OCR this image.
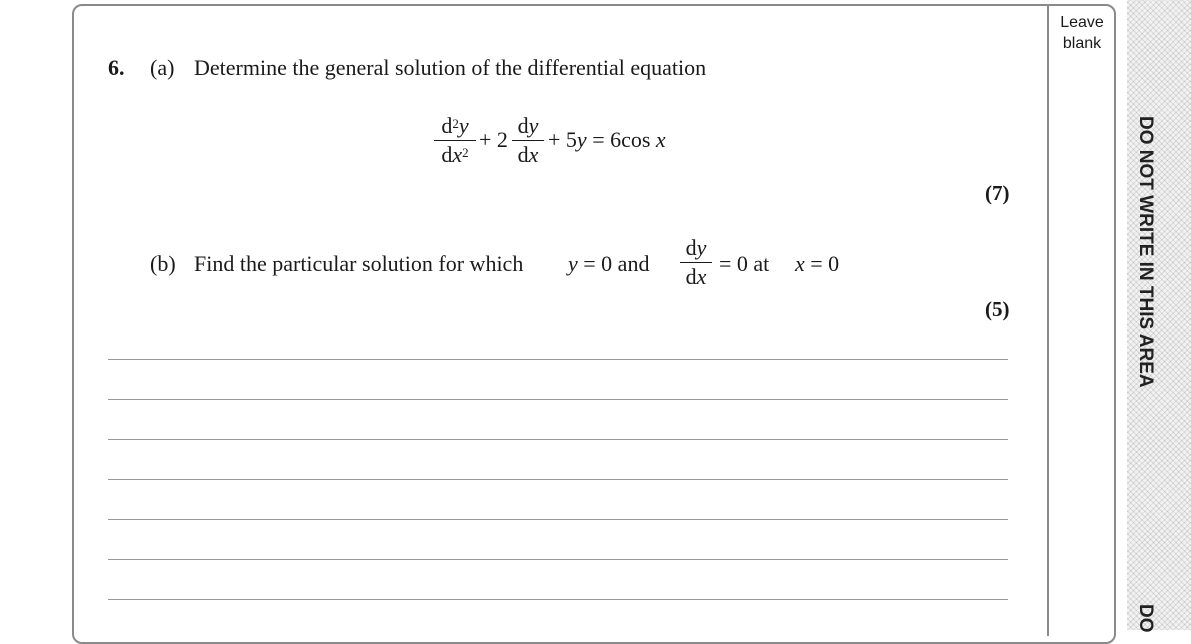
Leave
blank
DO NOT WRITE IN THIS AREA
DO
6. (a) Determine the general solution of the differential equation
$d^2y$
$dx^2$
+ 2
dy
dx
+ 5y = 6cos x
(7)
(b) Find the particular solution for which y = 0 and
dy
dx
= 0 at x = 0
(5)
